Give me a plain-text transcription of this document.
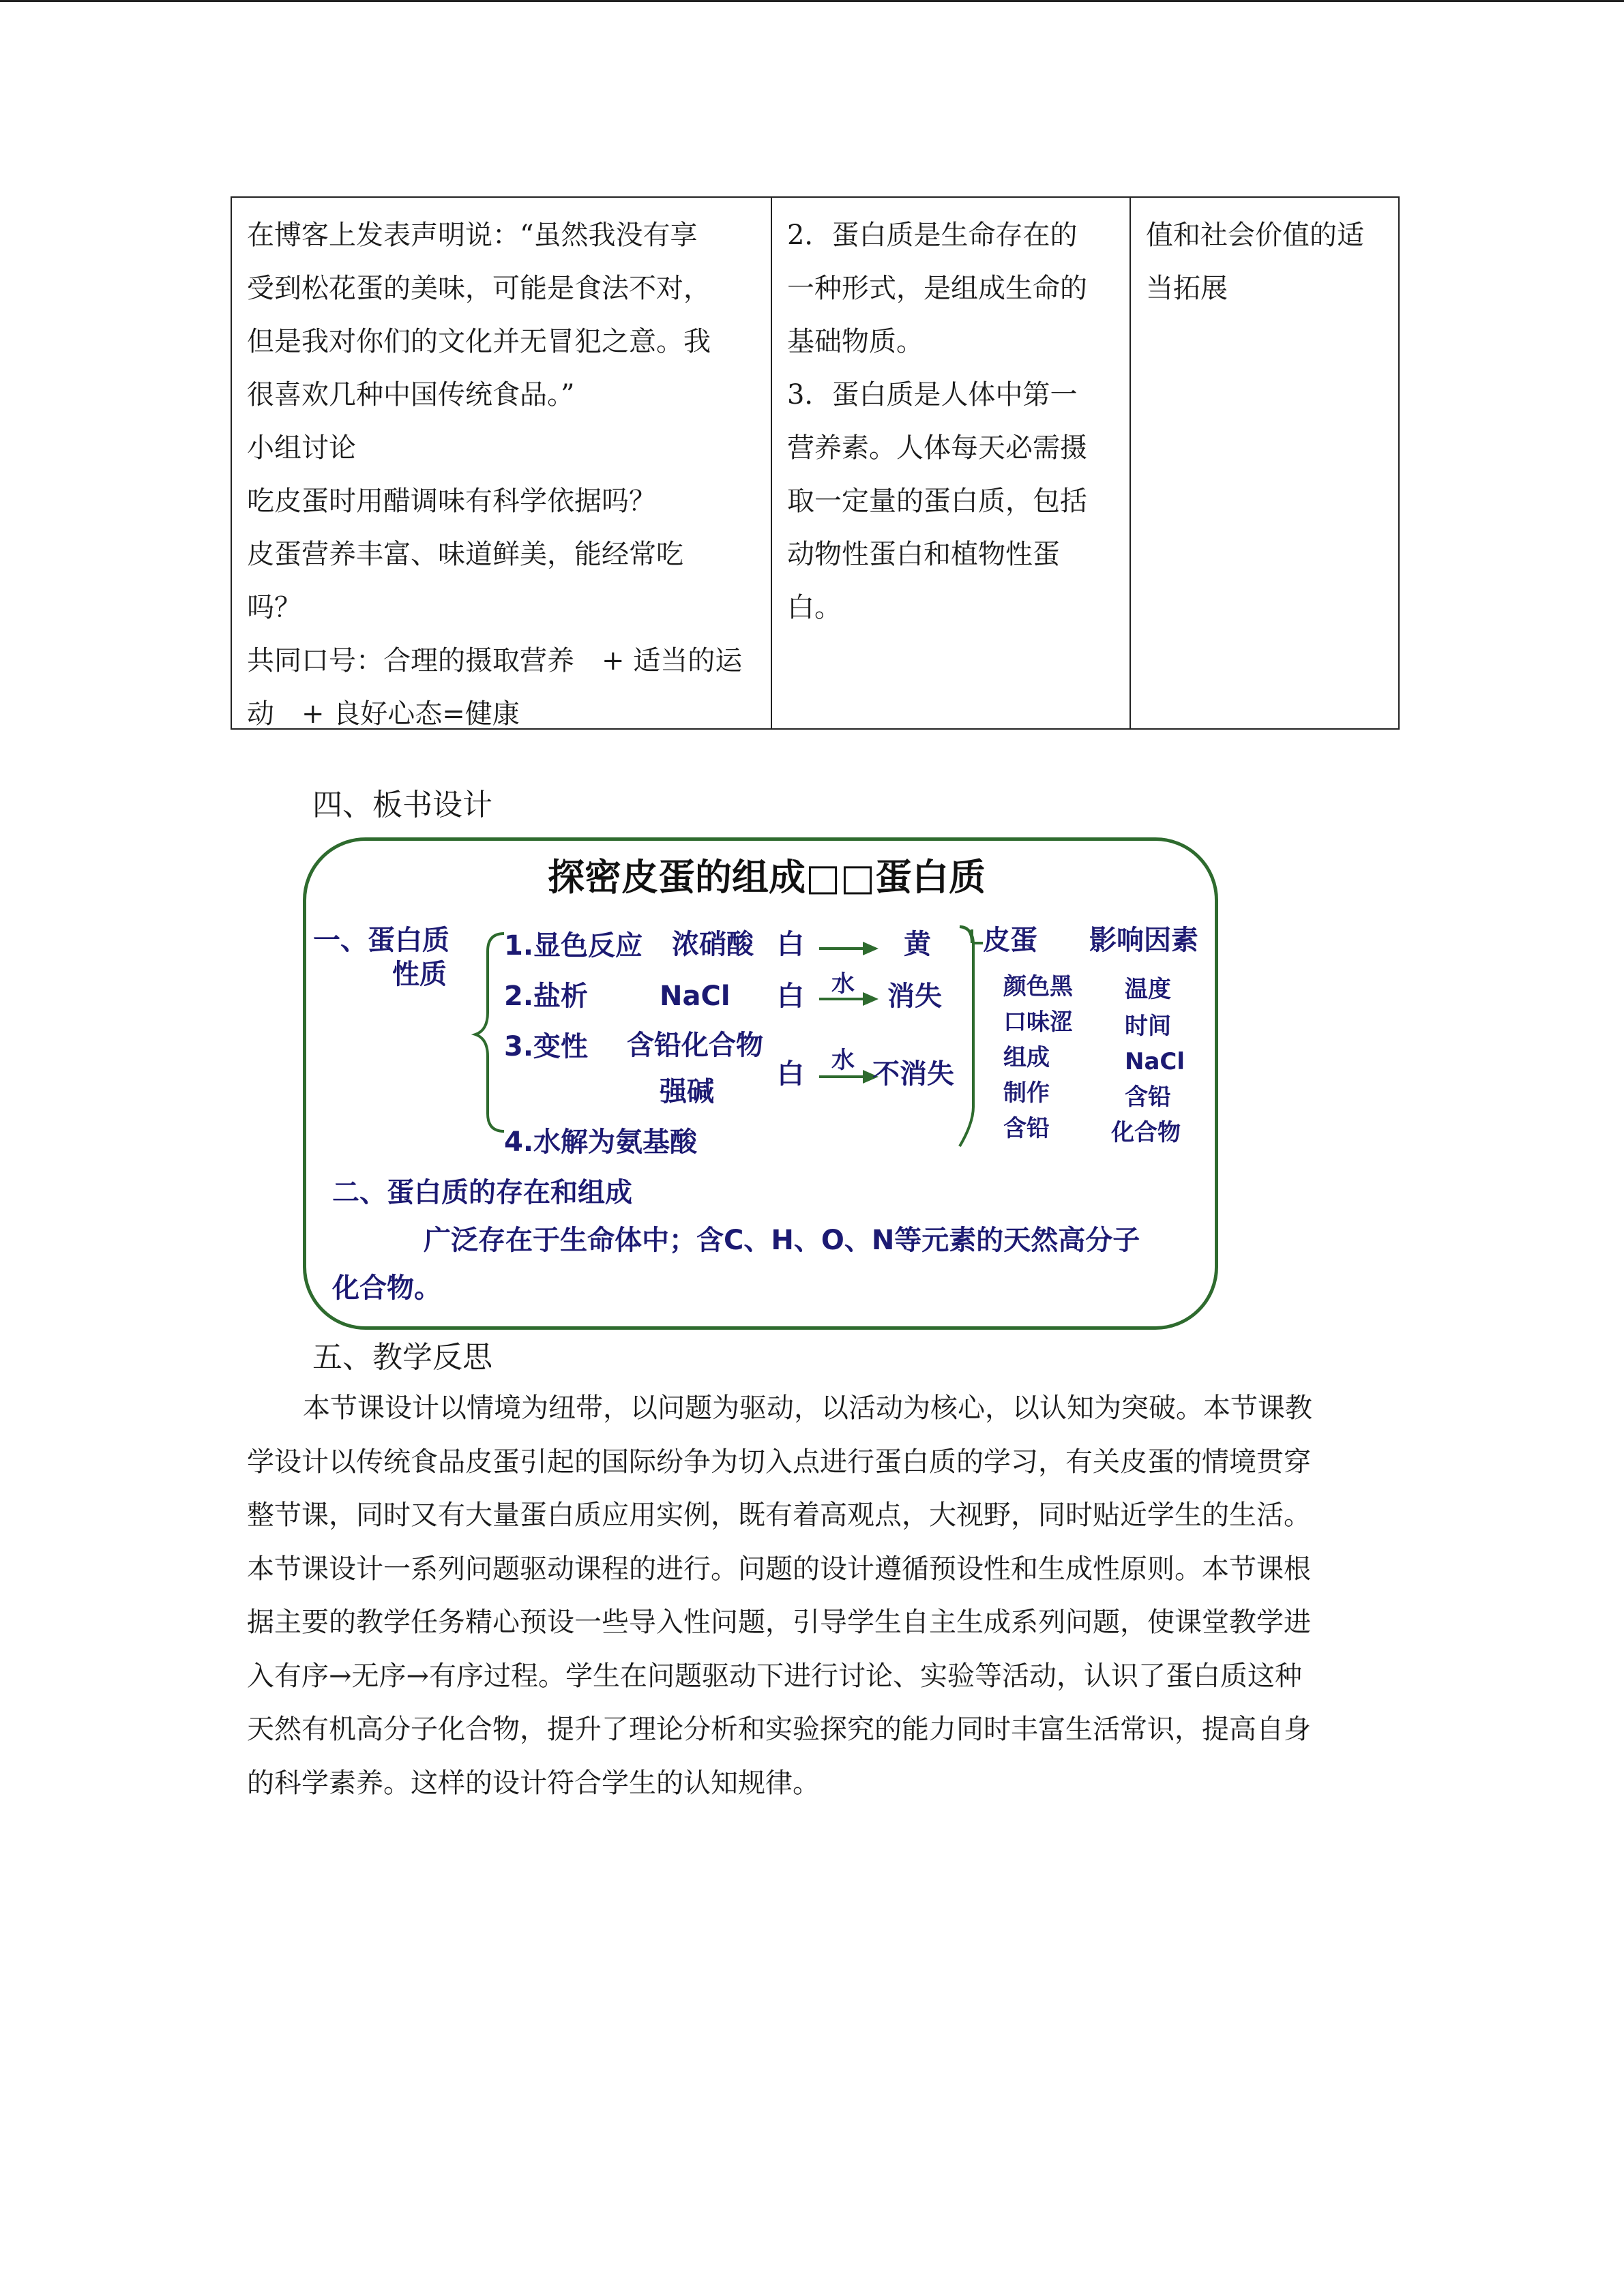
在博客上发表声明说：“虽然我没有享
受到松花蛋的美味，可能是食法不对，
但是我对你们的文化并无冒犯之意。我
很喜欢几种中国传统食品。”
小组讨论
吃皮蛋时用醋调味有科学依据吗？
皮蛋营养丰富、味道鲜美，能经常吃
吗？
共同口号：合理的摄取营养　+ 适当的运
动　+ 良好心态=健康
2．蛋白质是生命存在的
一种形式，是组成生命的
基础物质。
3．蛋白质是人体中第一
营养素。人体每天必需摄
取一定量的蛋白质，包括
动物性蛋白和植物性蛋
白。
值和社会价值的适
当拓展
四、板书设计
探密皮蛋的组成□□蛋白质
一、蛋白质
性质
1.显色反应
2.盐析
3.变性
4.水解为氨基酸
浓硝酸
NaCl
含铅化合物
强碱
白
白
白
水
水
黄
消失
不消失
皮蛋 影响因素
颜色黑
口味涩
组成
制作
含铅
温度
时间
NaCl
含铅
化合物
二、蛋白质的存在和组成
广泛存在于生命体中；含C、H、O、N等元素的天然高分子
化合物。
五、教学反思
本节课设计以情境为纽带，以问题为驱动，以活动为核心，以认知为突破。本节课教
学设计以传统食品皮蛋引起的国际纷争为切入点进行蛋白质的学习，有关皮蛋的情境贯穿
整节课，同时又有大量蛋白质应用实例，既有着高观点，大视野，同时贴近学生的生活。
本节课设计一系列问题驱动课程的进行。问题的设计遵循预设性和生成性原则。本节课根
据主要的教学任务精心预设一些导入性问题，引导学生自主生成系列问题，使课堂教学进
入有序→无序→有序过程。学生在问题驱动下进行讨论、实验等活动，认识了蛋白质这种
天然有机高分子化合物，提升了理论分析和实验探究的能力同时丰富生活常识，提高自身
的科学素养。这样的设计符合学生的认知规律。
